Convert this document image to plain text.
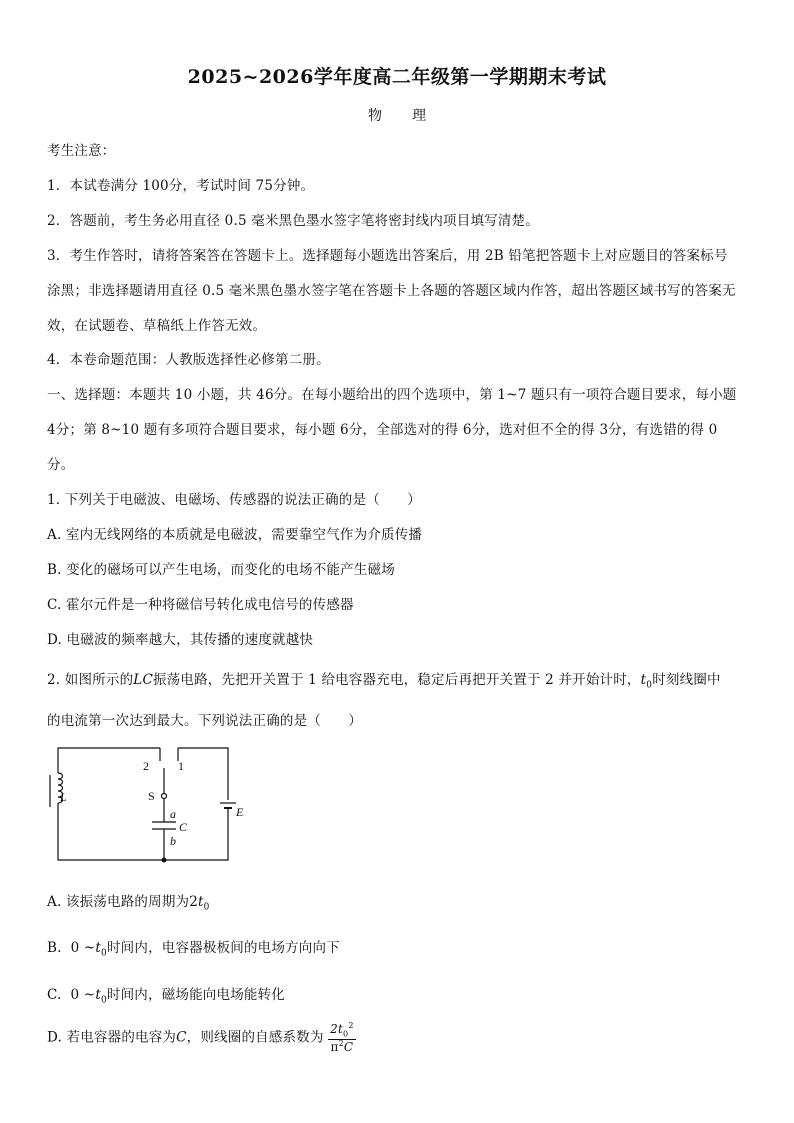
2025~2026学年度高二年级第一学期期末考试
物理
考生注意：
1．本试卷满分 100分，考试时间 75分钟。
2．答题前，考生务必用直径 0.5 毫米黑色墨水签字笔将密封线内项目填写清楚。
3．考生作答时，请将答案答在答题卡上。选择题每小题选出答案后，用 2B 铅笔把答题卡上对应题目的答案标号
涂黑；非选择题请用直径 0.5 毫米黑色墨水签字笔在答题卡上各题的答题区域内作答，超出答题区域书写的答案无
效，在试题卷、草稿纸上作答无效。
4．本卷命题范围：人教版选择性必修第二册。
一、选择题：本题共 10 小题，共 46分。在每小题给出的四个选项中，第 1~7 题只有一项符合题目要求，每小题
4分；第 8~10 题有多项符合题目要求，每小题 6分，全部选对的得 6分，选对但不全的得 3分，有选错的得 0
分。
1. 下列关于电磁波、电磁场、传感器的说法正确的是（　　）
A. 室内无线网络的本质就是电磁波，需要靠空气作为介质传播
B. 变化的磁场可以产生电场，而变化的电场不能产生磁场
C. 霍尔元件是一种将磁信号转化成电信号的传感器
D. 电磁波的频率越大，其传播的速度就越快
2. 如图所示的LC振荡电路，先把开关置于 1 给电容器充电，稳定后再把开关置于 2 并开始计时，$t_0$时刻线圈中
的电流第一次达到最大。下列说法正确的是（　　）
2 1
S
a
C
b
L
E
A. 该振荡电路的周期为$2t_0$
B. 0 $\sim t_0$时间内，电容器极板间的电场方向向下
C. 0 $\sim t_0$时间内，磁场能向电场能转化
D. 若电容器的电容为C，则线圈的自感系数为 $\frac{2t_0^2}{\pi^2C}$
